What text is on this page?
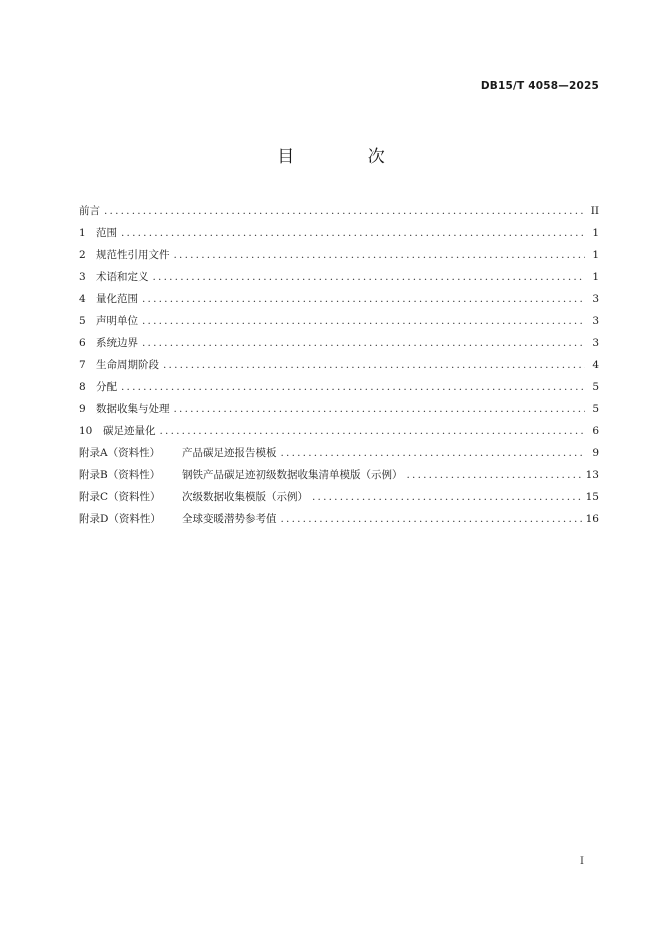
DB15/T 4058—2025
目 次
前言 .....	II
1 范围 .....	1
2 规范性引用文件 .....	1
3 术语和定义 .....	1
4 量化范围 .....	3
5 声明单位 .....	3
6 系统边界 .....	3
7 生命周期阶段 .....	4
8 分配 .....	5
9 数据收集与处理 .....	5
10	碳足迹量化 .....	6
附录A（资料性）	产品碳足迹报告模板 .....	9
附录B（资料性）	钢铁产品碳足迹初级数据收集清单模版（示例） .....	13
附录C（资料性）	次级数据收集模版（示例） .....	15
附录D（资料性）	全球变暖潜势参考值 .....	16
I
